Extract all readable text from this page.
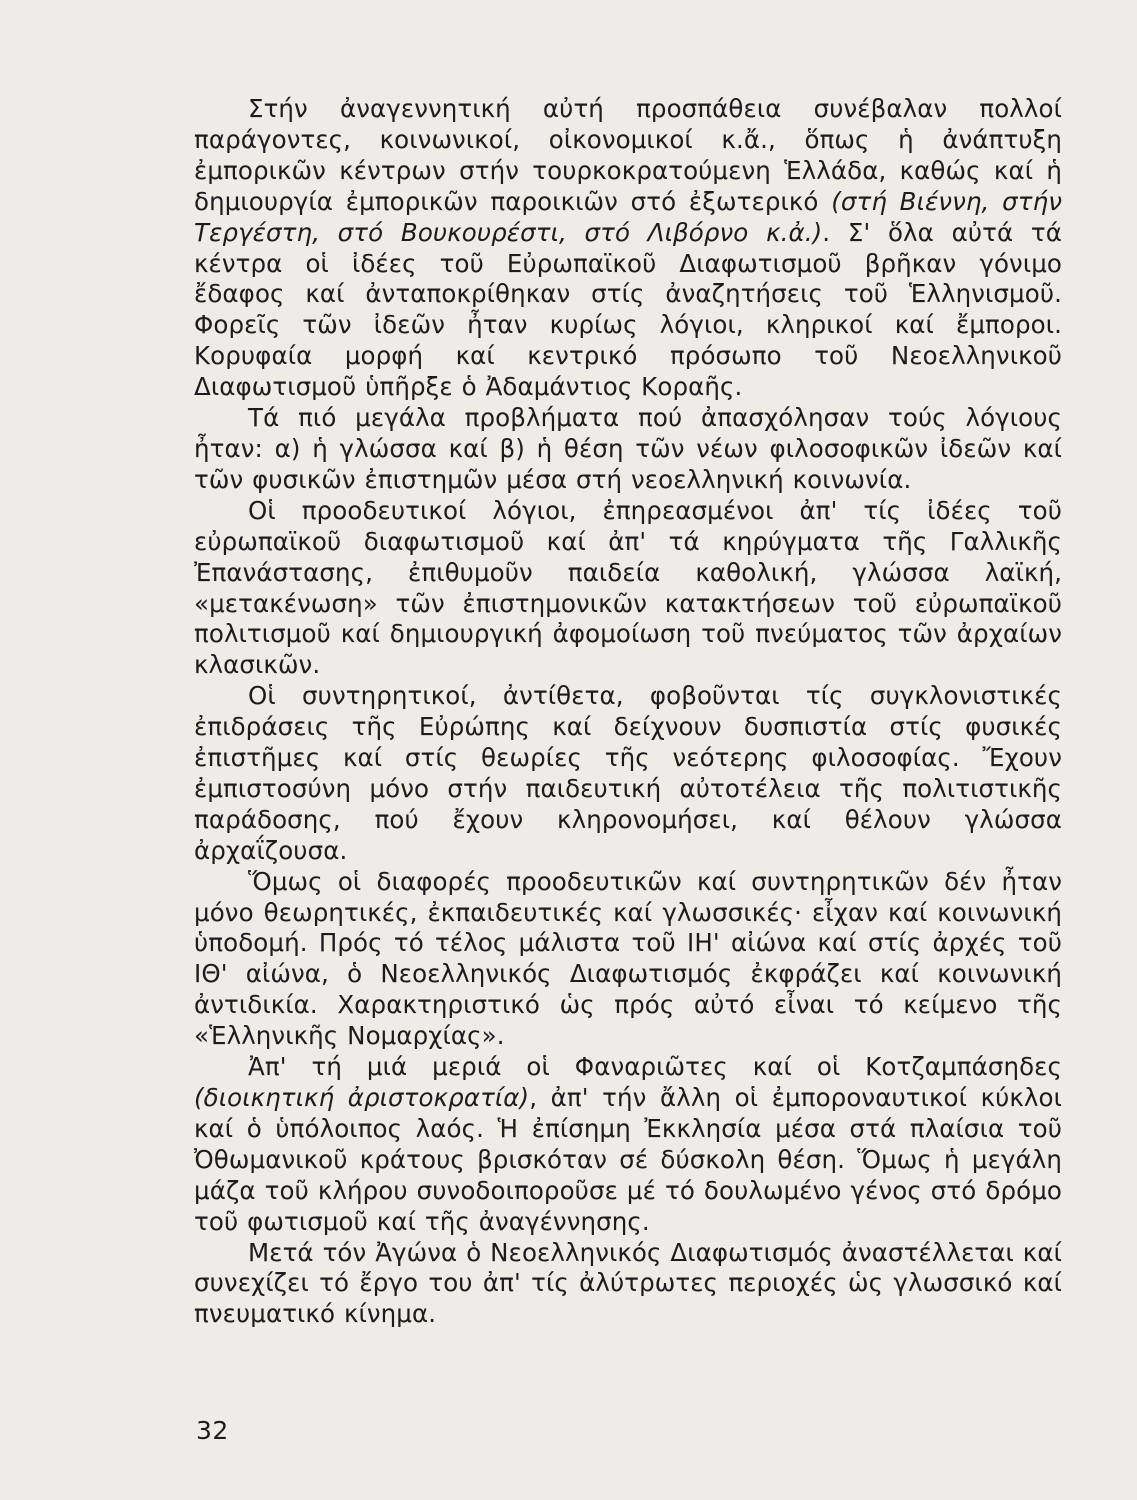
Στήν ἀναγεννητική αὐτή προσπάθεια συνέβαλαν πολλοί παράγοντες, κοινωνικοί, οἰκονομικοί κ.ἄ., ὅπως ἡ ἀνάπτυξη ἐμπορικῶν κέντρων στήν τουρκοκρατούμενη Ἑλλάδα, καθώς καί ἡ δημιουργία ἐμπορικῶν παροικιῶν στό ἐξωτερικό (στή Βιέννη, στήν Τεργέστη, στό Βουκουρέστι, στό Λιβόρνο κ.ἀ.). Σ' ὅλα αὐτά τά κέντρα οἱ ἰδέες τοῦ Εὐρωπαϊκοῦ Διαφωτισμοῦ βρῆκαν γόνιμο ἔδαφος καί ἀνταποκρίθηκαν στίς ἀναζητήσεις τοῦ Ἑλληνισμοῦ. Φορεῖς τῶν ἰδεῶν ἦταν κυρίως λόγιοι, κληρικοί καί ἔμποροι. Κορυφαία μορφή καί κεντρικό πρόσωπο τοῦ Νεοελληνικοῦ Διαφωτισμοῦ ὑπῆρξε ὁ Ἀδαμάντιος Κοραῆς.

Τά πιό μεγάλα προβλήματα πού ἀπασχόλησαν τούς λόγιους ἦταν: α) ἡ γλώσσα καί β) ἡ θέση τῶν νέων φιλοσοφικῶν ἰδεῶν καί τῶν φυσικῶν ἐπιστημῶν μέσα στή νεοελληνική κοινωνία.

Οἱ προοδευτικοί λόγιοι, ἐπηρεασμένοι ἀπ' τίς ἰδέες τοῦ εὐρωπαϊκοῦ διαφωτισμοῦ καί ἀπ' τά κηρύγματα τῆς Γαλλικῆς Ἐπανάστασης, ἐπιθυμοῦν παιδεία καθολική, γλώσσα λαϊκή, «μετακένωση» τῶν ἐπιστημονικῶν κατακτήσεων τοῦ εὐρωπαϊκοῦ πολιτισμοῦ καί δημιουργική ἀφομοίωση τοῦ πνεύματος τῶν ἀρχαίων κλασικῶν.

Οἱ συντηρητικοί, ἀντίθετα, φοβοῦνται τίς συγκλονιστικές ἐπιδράσεις τῆς Εὐρώπης καί δείχνουν δυσπιστία στίς φυσικές ἐπιστῆμες καί στίς θεωρίες τῆς νεότερης φιλοσοφίας. Ἔχουν ἐμπιστοσύνη μόνο στήν παιδευτική αὐτοτέλεια τῆς πολιτιστικῆς παράδοσης, πού ἔχουν κληρονομήσει, καί θέλουν γλώσσα ἀρχαΐζουσα.

Ὅμως οἱ διαφορές προοδευτικῶν καί συντηρητικῶν δέν ἦταν μόνο θεωρητικές, ἐκπαιδευτικές καί γλωσσικές· εἶχαν καί κοινωνική ὑποδομή. Πρός τό τέλος μάλιστα τοῦ ΙΗ' αἰώνα καί στίς ἀρχές τοῦ ΙΘ' αἰώνα, ὁ Νεοελληνικός Διαφωτισμός ἐκφράζει καί κοινωνική ἀντιδικία. Χαρακτηριστικό ὡς πρός αὐτό εἶναι τό κείμενο τῆς «Ἑλληνικῆς Νομαρχίας».

Ἀπ' τή μιά μεριά οἱ Φαναριῶτες καί οἱ Κοτζαμπάσηδες (διοικητική ἀριστοκρατία), ἀπ' τήν ἄλλη οἱ ἐμποροναυτικοί κύκλοι καί ὁ ὑπόλοιπος λαός. Ἡ ἐπίσημη Ἐκκλησία μέσα στά πλαίσια τοῦ Ὀθωμανικοῦ κράτους βρισκόταν σέ δύσκολη θέση. Ὅμως ἡ μεγάλη μάζα τοῦ κλήρου συνοδοιποροῦσε μέ τό δουλωμένο γένος στό δρόμο τοῦ φωτισμοῦ καί τῆς ἀναγέννησης.

Μετά τόν Ἀγώνα ὁ Νεοελληνικός Διαφωτισμός ἀναστέλλεται καί συνεχίζει τό ἔργο του ἀπ' τίς ἀλύτρωτες περιοχές ὡς γλωσσικό καί πνευματικό κίνημα.

32
